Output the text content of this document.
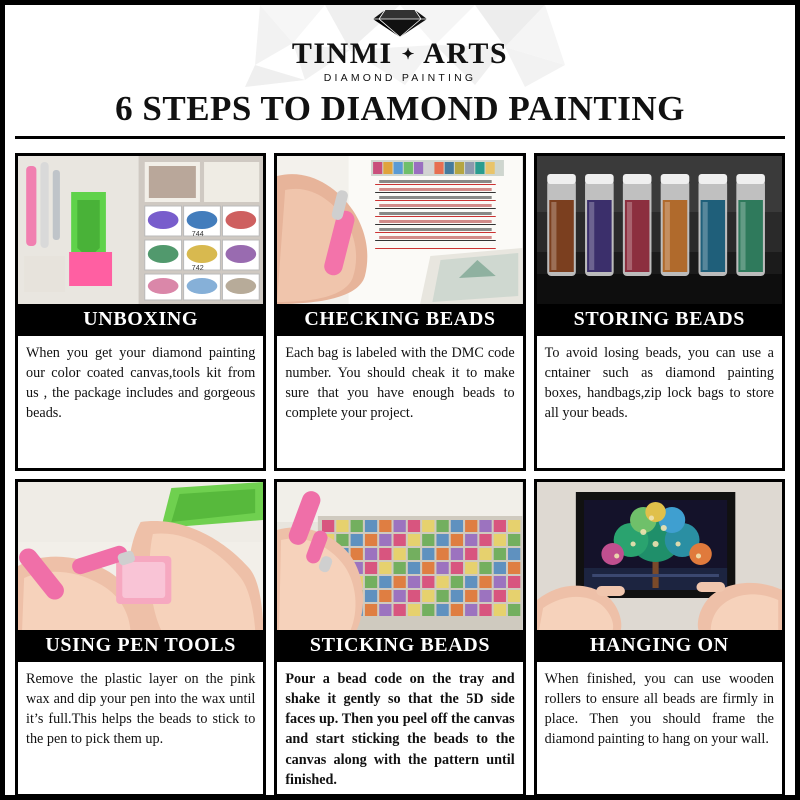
TINMI ✦ ARTS
DIAMOND PAINTING
6 STEPS TO DIAMOND PAINTING
744
742
UNBOXING
When you get your diamond painting our color coated canvas,tools kit from us , the package includes and gorgeous beads.
CHECKING BEADS
Each bag is labeled with the DMC code number. You should cheak it to make sure that you have enough beads to complete your project.
STORING BEADS
To avoid losing beads, you can use a cntainer such as diamond painting boxes, handbags,zip lock bags to store all your beads.
USING PEN TOOLS
Remove the plastic layer on the pink wax and dip your pen into the wax until it’s full.This helps the beads to stick to the pen to pick them up.
STICKING BEADS
Pour a bead code on the tray and shake it gently so that the 5D side faces up. Then you peel off the canvas and start sticking the beads to the canvas along with the pattern until finished.
HANGING ON
When finished, you can use wooden rollers to ensure all beads are firmly in place. Then you should frame the diamond painting to hang on your wall.
